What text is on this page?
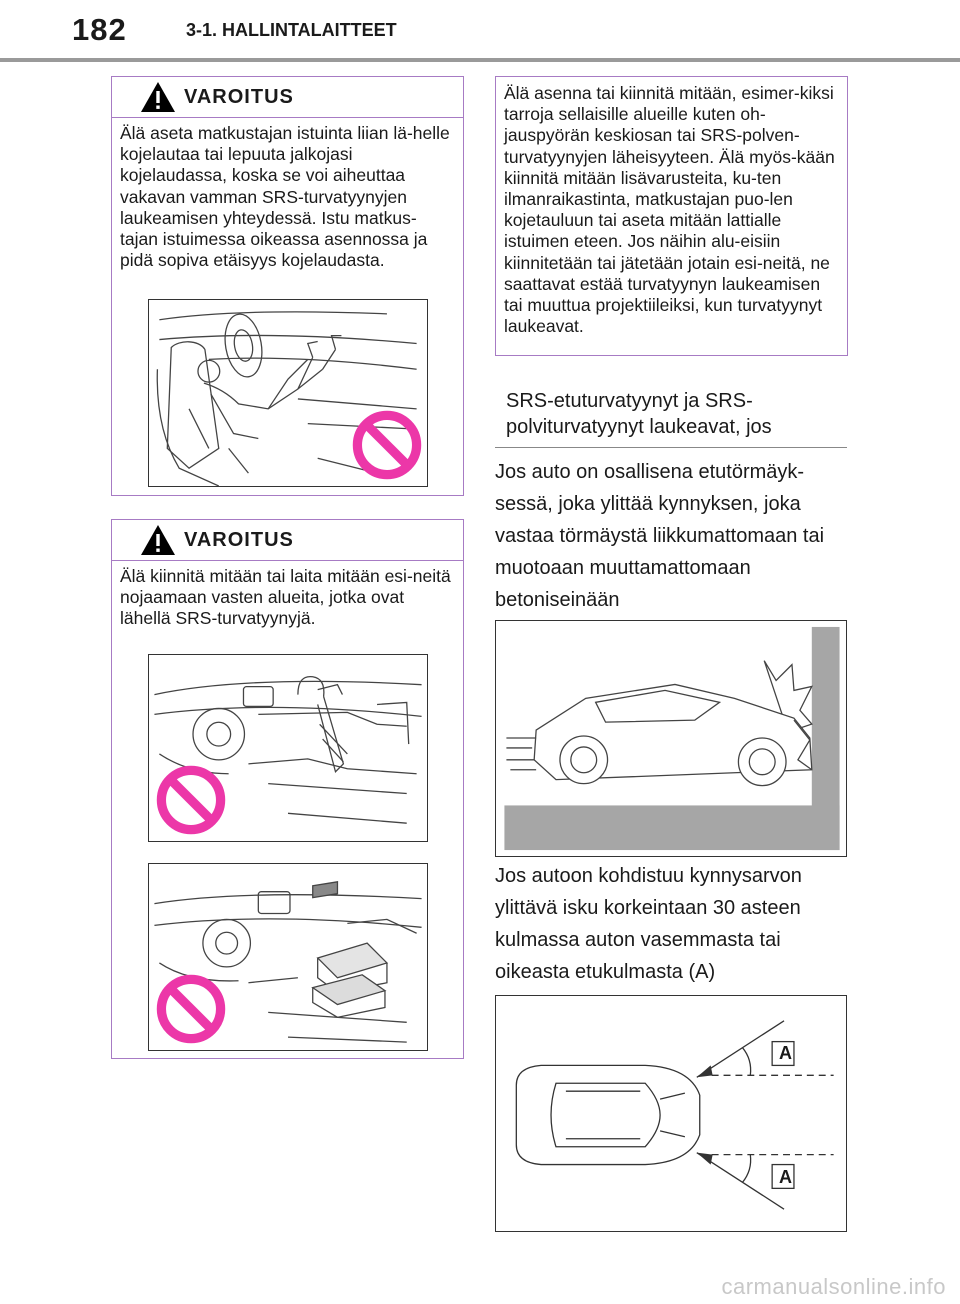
182	3-1. HALLINTALAITTEET
VAROITUS
Älä aseta matkustajan istuinta liian lä-helle kojelautaa tai lepuuta jalkojasi kojelaudassa, koska se voi aiheuttaa vakavan vamman SRS-turvatyynyjen laukeamisen yhteydessä. Istu matkus-tajan istuimessa oikeassa asennossa ja pidä sopiva etäisyys kojelaudasta.
VAROITUS
Älä kiinnitä mitään tai laita mitään esi-neitä nojaamaan vasten alueita, jotka ovat lähellä SRS-turvatyynyjä.
Älä asenna tai kiinnitä mitään, esimer-kiksi tarroja sellaisille alueille kuten oh-jauspyörän keskiosan tai SRS-polven-turvatyynyjen läheisyyteen. Älä myös-kään kiinnitä mitään lisävarusteita, ku-ten ilmanraikastinta, matkustajan puo-len kojetauluun tai aseta mitään lattialle istuimen eteen. Jos näihin alu-eisiin kiinnitetään tai jätetään jotain esi-neitä, ne saattavat estää turvatyynyn laukeamisen tai muuttua projektiileiksi, kun turvatyynyt laukeavat.
SRS-etuturvatyynyt ja SRS-polviturvatyynyt laukeavat, jos
Jos auto on osallisena etutörmäyk-sessä, joka ylittää kynnyksen, joka vastaa törmäystä liikkumattomaan tai muotoaan muuttamattomaan betoniseinään
Jos autoon kohdistuu kynnysarvon ylittävä isku korkeintaan 30 asteen kulmassa auton vasemmasta tai oikeasta etukulmasta (A)
A
A
carmanualsonline.info
